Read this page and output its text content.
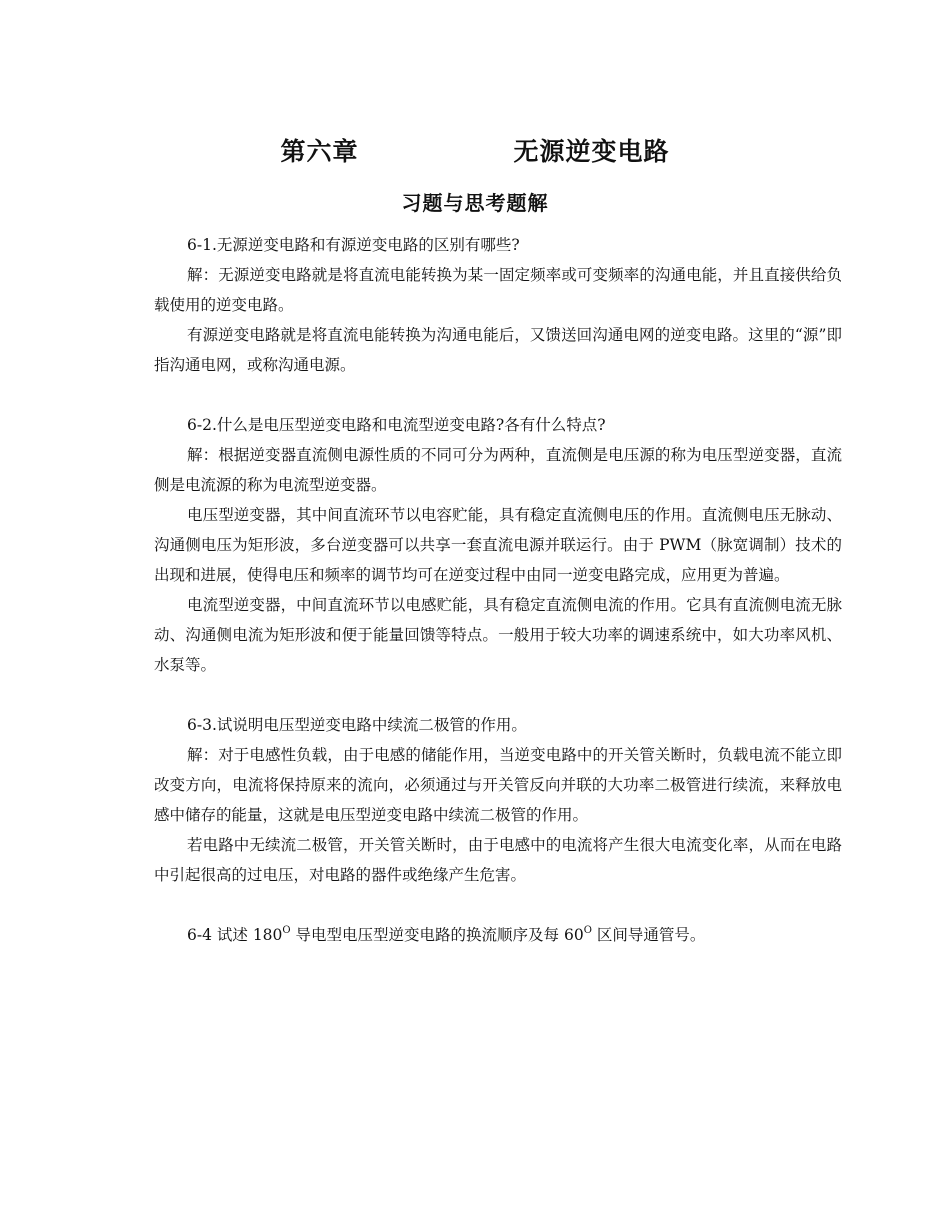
第六章		无源逆变电路
习题与思考题解

6-1.无源逆变电路和有源逆变电路的区别有哪些?

解：无源逆变电路就是将直流电能转换为某一固定频率或可变频率的沟通电能，并且直接供给负载使用的逆变电路。

有源逆变电路就是将直流电能转换为沟通电能后，又馈送回沟通电网的逆变电路。这里的“源”即指沟通电网，或称沟通电源。

6-2.什么是电压型逆变电路和电流型逆变电路?各有什么特点?

解：根据逆变器直流侧电源性质的不同可分为两种，直流侧是电压源的称为电压型逆变器，直流侧是电流源的称为电流型逆变器。

电压型逆变器，其中间直流环节以电容贮能，具有稳定直流侧电压的作用。直流侧电压无脉动、沟通侧电压为矩形波，多台逆变器可以共享一套直流电源并联运行。由于 PWM（脉宽调制）技术的出现和进展，使得电压和频率的调节均可在逆变过程中由同一逆变电路完成，应用更为普遍。

电流型逆变器，中间直流环节以电感贮能，具有稳定直流侧电流的作用。它具有直流侧电流无脉动、沟通侧电流为矩形波和便于能量回馈等特点。一般用于较大功率的调速系统中，如大功率风机、水泵等。

6-3.试说明电压型逆变电路中续流二极管的作用。

解：对于电感性负载，由于电感的储能作用，当逆变电路中的开关管关断时，负载电流不能立即改变方向，电流将保持原来的流向，必须通过与开关管反向并联的大功率二极管进行续流，来释放电感中储存的能量，这就是电压型逆变电路中续流二极管的作用。

若电路中无续流二极管，开关管关断时，由于电感中的电流将产生很大电流变化率，从而在电路中引起很高的过电压，对电路的器件或绝缘产生危害。

6-4 试述 $180^O$ 导电型电压型逆变电路的换流顺序及每 $60^O$ 区间导通管号。
